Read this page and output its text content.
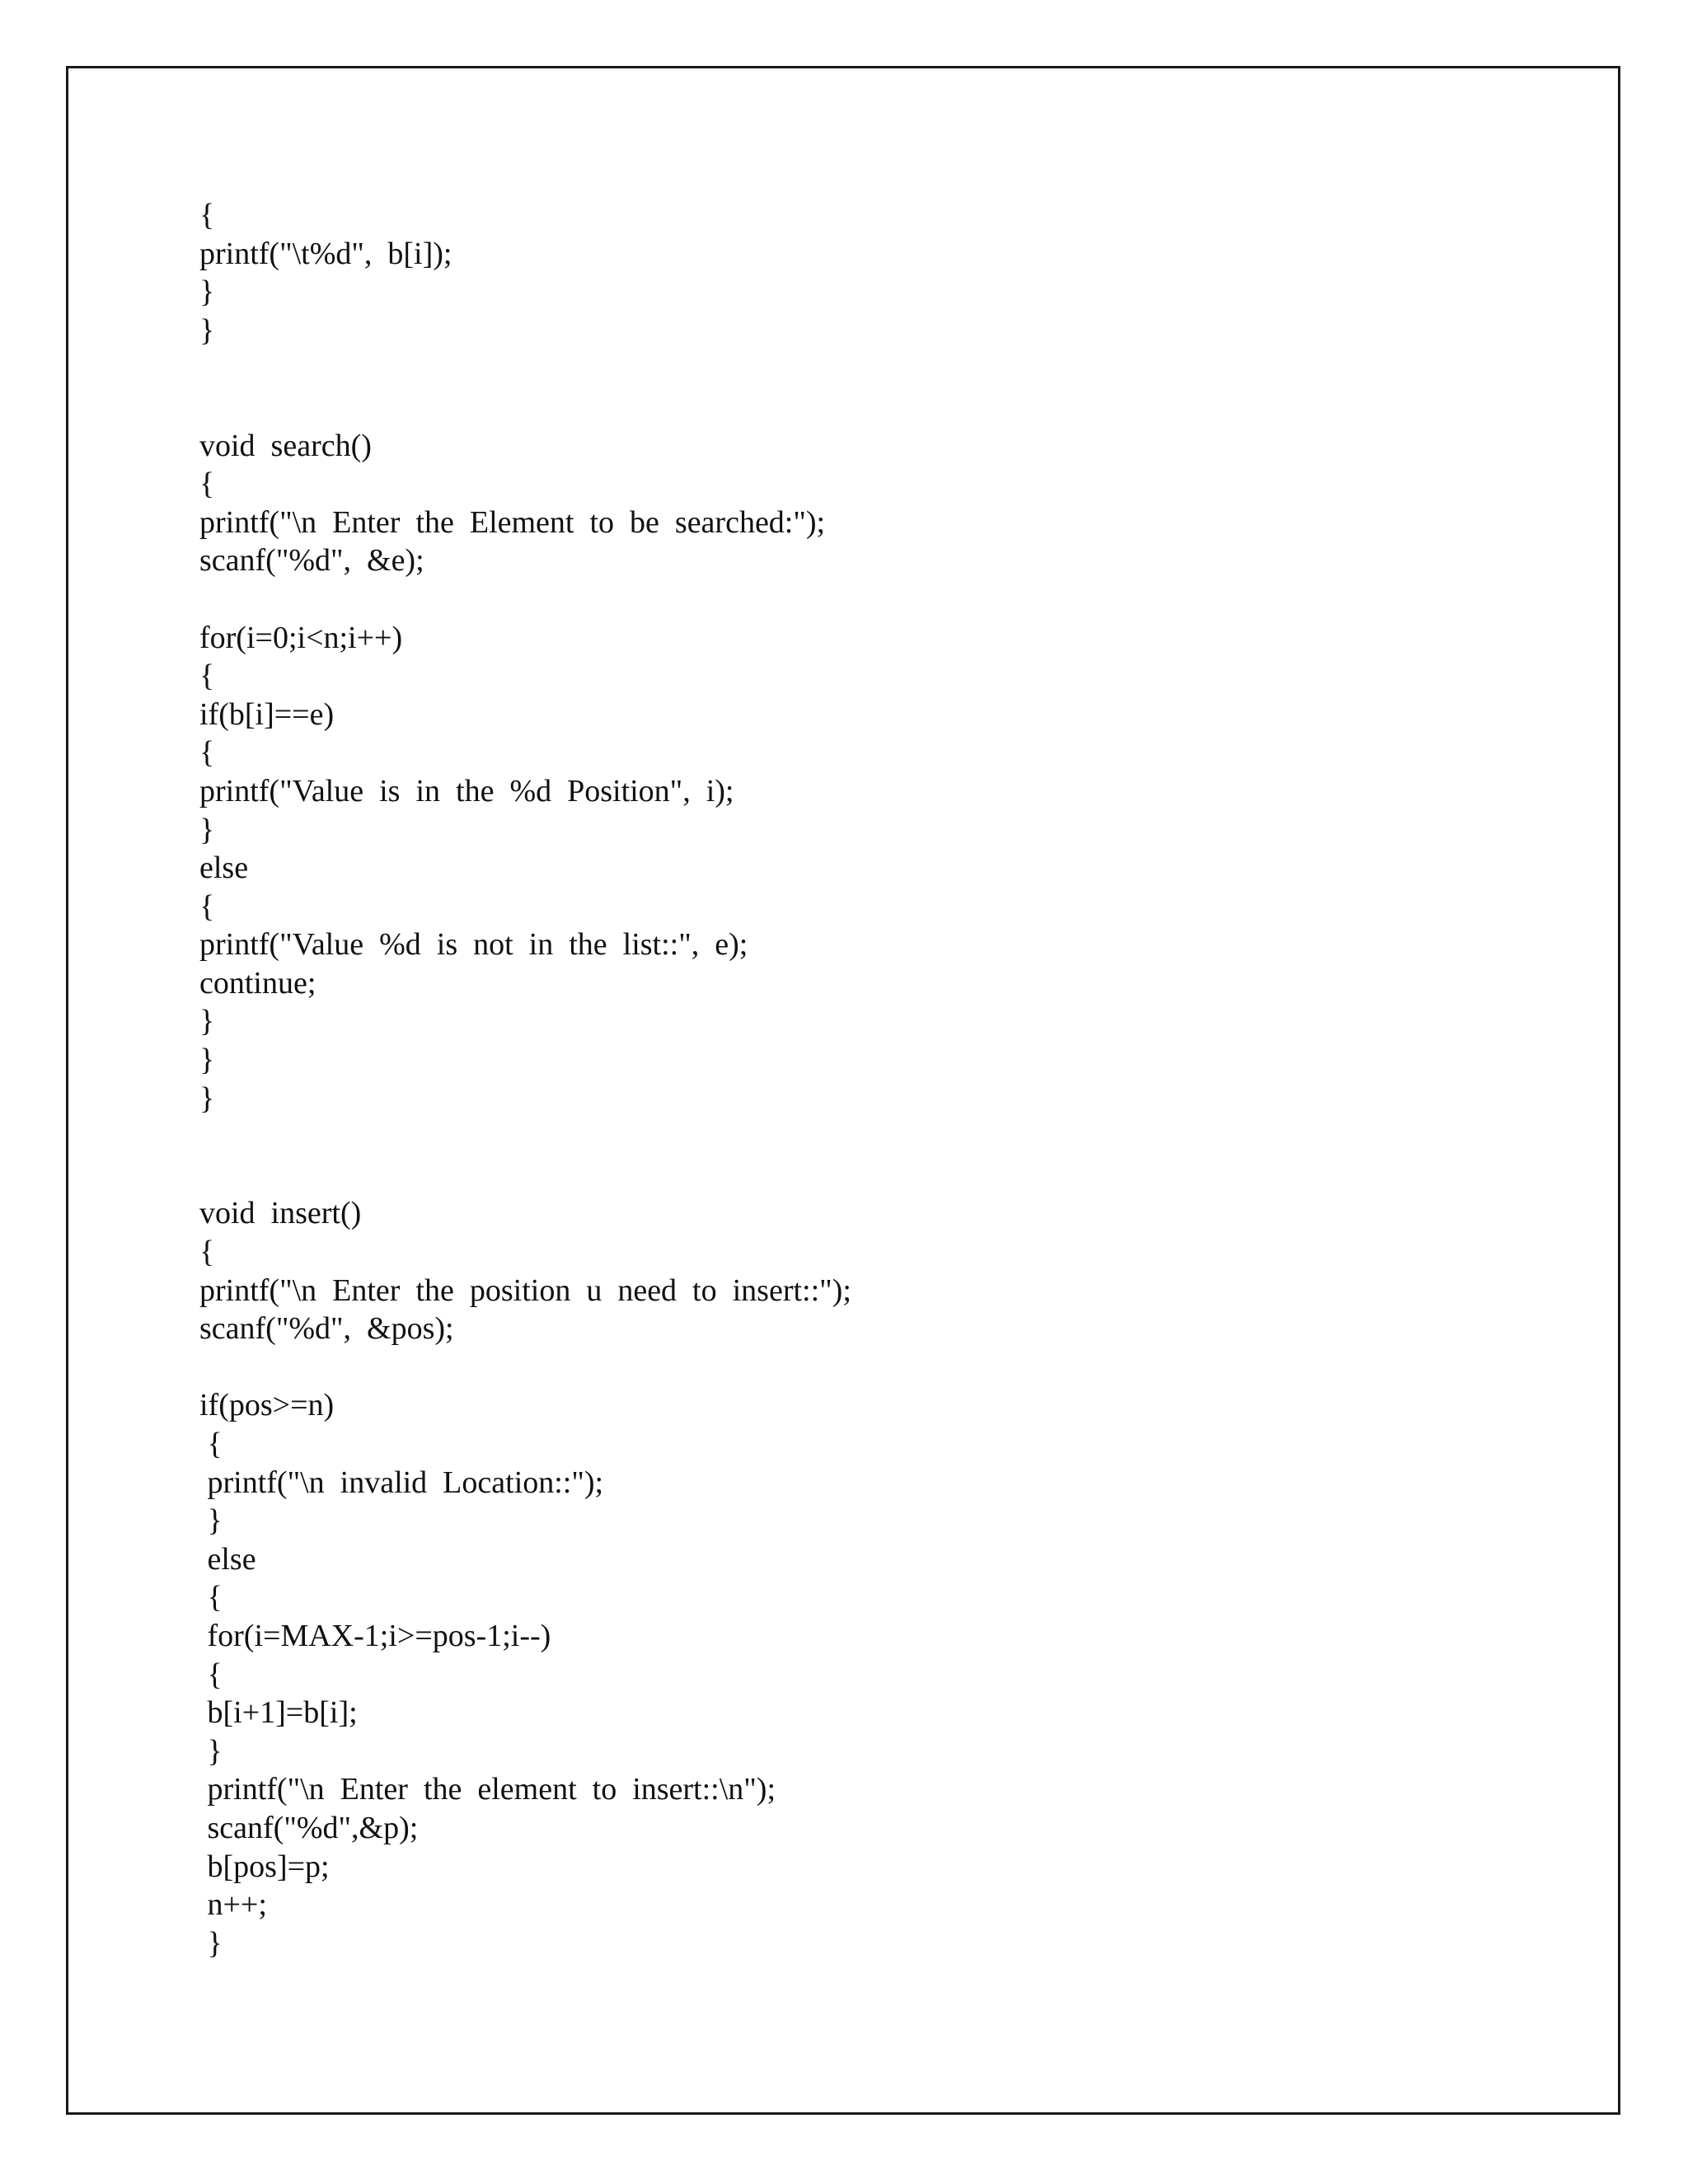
{
printf("\t%d",  b[i]);
}
}
void  search()
{
printf("\n  Enter  the  Element  to  be  searched:");
scanf("%d",  &e);
for(i=0;i<n;i++)
{
if(b[i]==e)
{
printf("Value  is  in  the  %d  Position",  i);
}
else
{
printf("Value  %d  is  not  in  the  list::",  e);
continue;
}
}
}
void  insert()
{
printf("\n  Enter  the  position  u  need  to  insert::");
scanf("%d",  &pos);
if(pos>=n)
{
printf("\n  invalid  Location::");
}
else
{
for(i=MAX-1;i>=pos-1;i--)
{
b[i+1]=b[i];
}
printf("\n  Enter  the  element  to  insert::\n");
scanf("%d",&p);
b[pos]=p;
n++;
}
